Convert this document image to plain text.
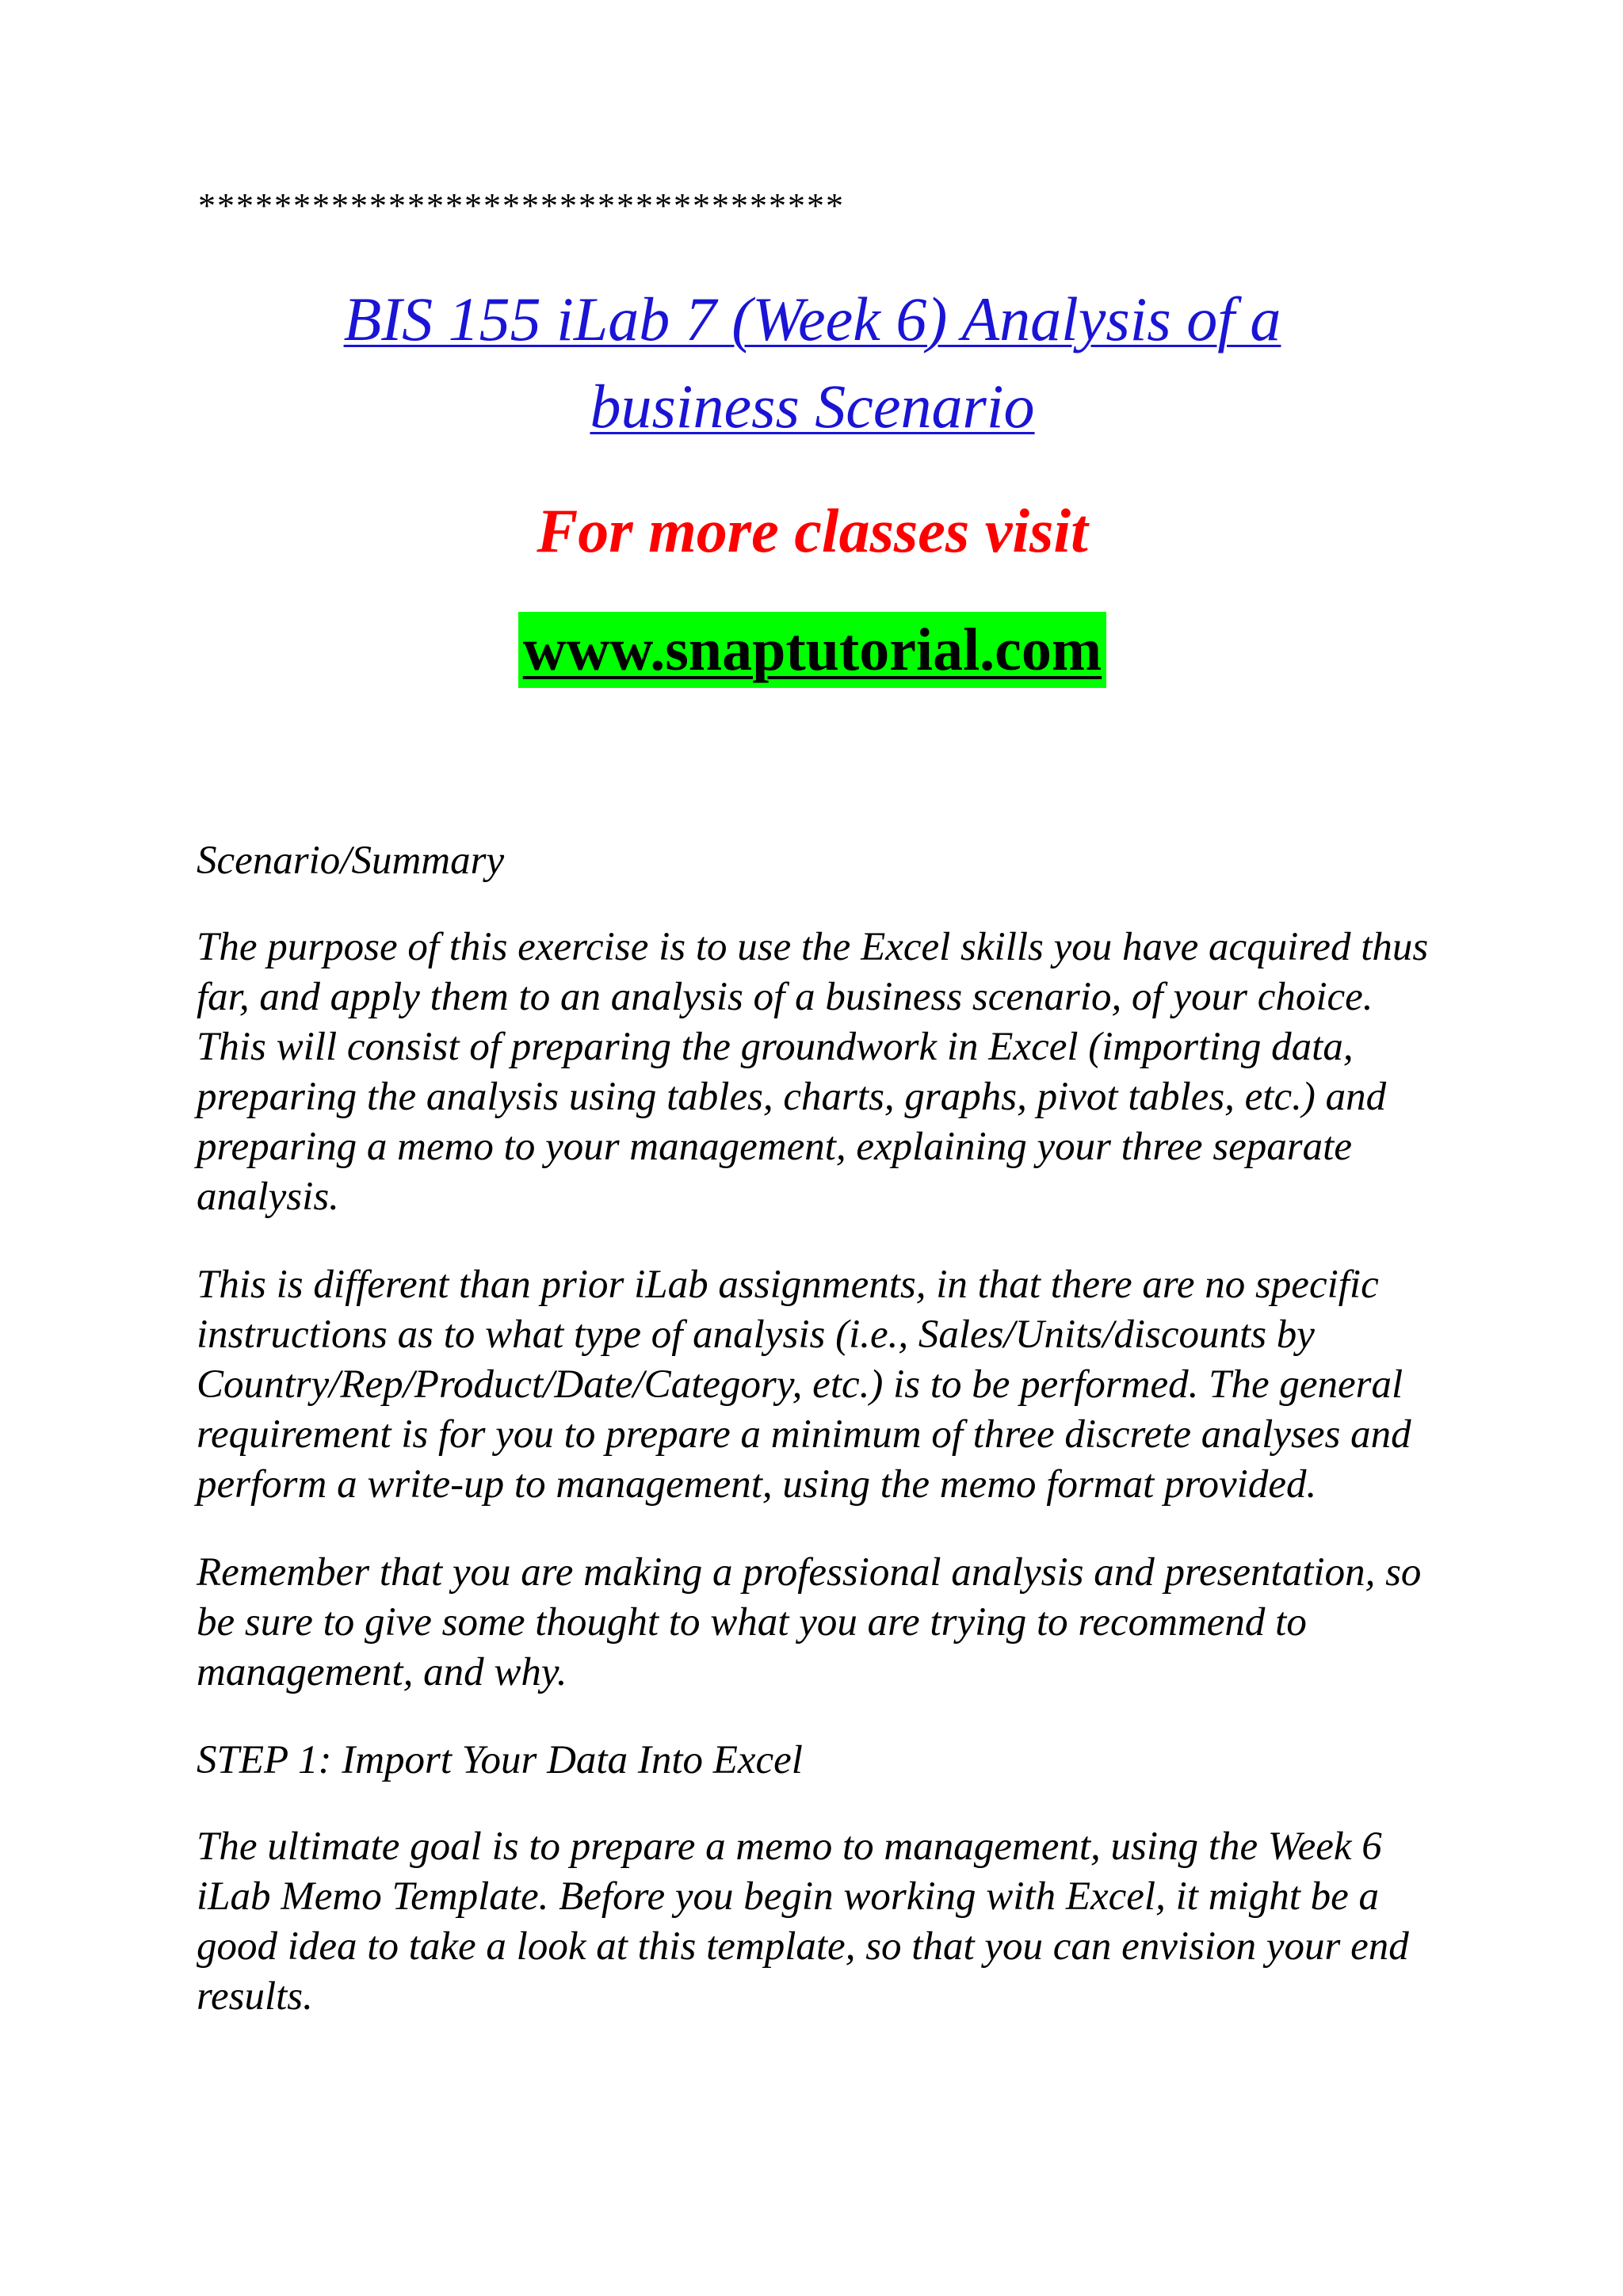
**********************************
BIS 155 iLab 7 (Week 6) Analysis of a
business Scenario
For more classes visit
www.snaptutorial.com

Scenario/Summary

The purpose of this exercise is to use the Excel skills you have acquired thus far, and apply them to an analysis of a business scenario, of your choice. This will consist of preparing the groundwork in Excel (importing data, preparing the analysis using tables, charts, graphs, pivot tables, etc.) and preparing a memo to your management, explaining your three separate analysis.

This is different than prior iLab assignments, in that there are no specific instructions as to what type of analysis (i.e., Sales/Units/discounts by Country/Rep/Product/Date/Category, etc.) is to be performed. The general requirement is for you to prepare a minimum of three discrete analyses and perform a write-up to management, using the memo format provided.

Remember that you are making a professional analysis and presentation, so be sure to give some thought to what you are trying to recommend to management, and why.

STEP 1: Import Your Data Into Excel

The ultimate goal is to prepare a memo to management, using the Week 6 iLab Memo Template. Before you begin working with Excel, it might be a good idea to take a look at this template, so that you can envision your end results.
